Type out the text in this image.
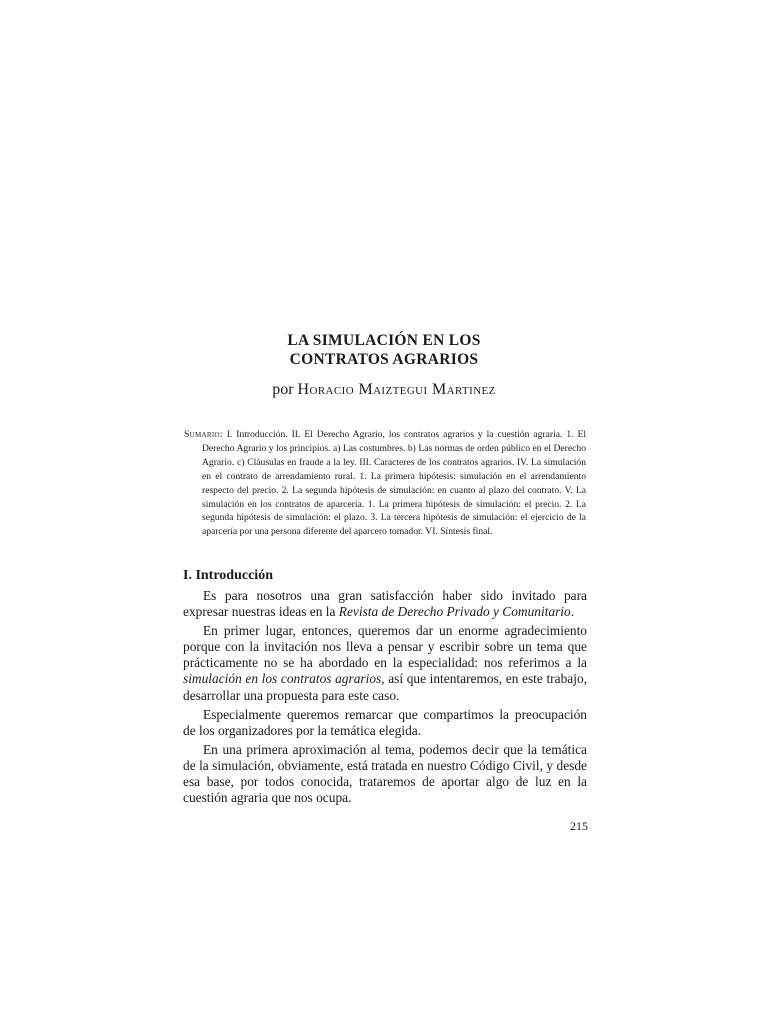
LA SIMULACIÓN EN LOS
CONTRATOS AGRARIOS
por Horacio Maiztegui Martinez

Sumario: I. Introducción. II. El Derecho Agrario, los contratos agrarios y la cuestión agraria. 1. El Derecho Agrario y los principios. a) Las costumbres. b) Las normas de orden público en el Derecho Agrario. c) Cláusulas en fraude a la ley. III. Caracteres de los contratos agrarios. IV. La simulación en el contrato de arrendamiento rural. 1. La primera hipótesis: simulación en el arrendamiento respecto del precio. 2. La segunda hipótesis de simulación: en cuanto al plazo del contrato. V. La simulación en los contratos de aparcería. 1. La primera hipótesis de simulación: el precio. 2. La segunda hipótesis de simulación: el plazo. 3. La tercera hipótesis de simulación: el ejercicio de la aparcería por una persona diferente del aparcero tomador. VI. Síntesis final.

I. Introducción

Es para nosotros una gran satisfacción haber sido invitado para expresar nuestras ideas en la Revista de Derecho Privado y Comunitario.

En primer lugar, entonces, queremos dar un enorme agradecimiento porque con la invitación nos lleva a pensar y escribir sobre un tema que prácticamente no se ha abordado en la especialidad: nos referimos a la simulación en los contratos agrarios, así que intentaremos, en este trabajo, desarrollar una propuesta para este caso.

Especialmente queremos remarcar que compartimos la preocupación de los organizadores por la temática elegida.

En una primera aproximación al tema, podemos decir que la temática de la simulación, obviamente, está tratada en nuestro Código Civil, y desde esa base, por todos conocida, trataremos de aportar algo de luz en la cuestión agraria que nos ocupa.

215
